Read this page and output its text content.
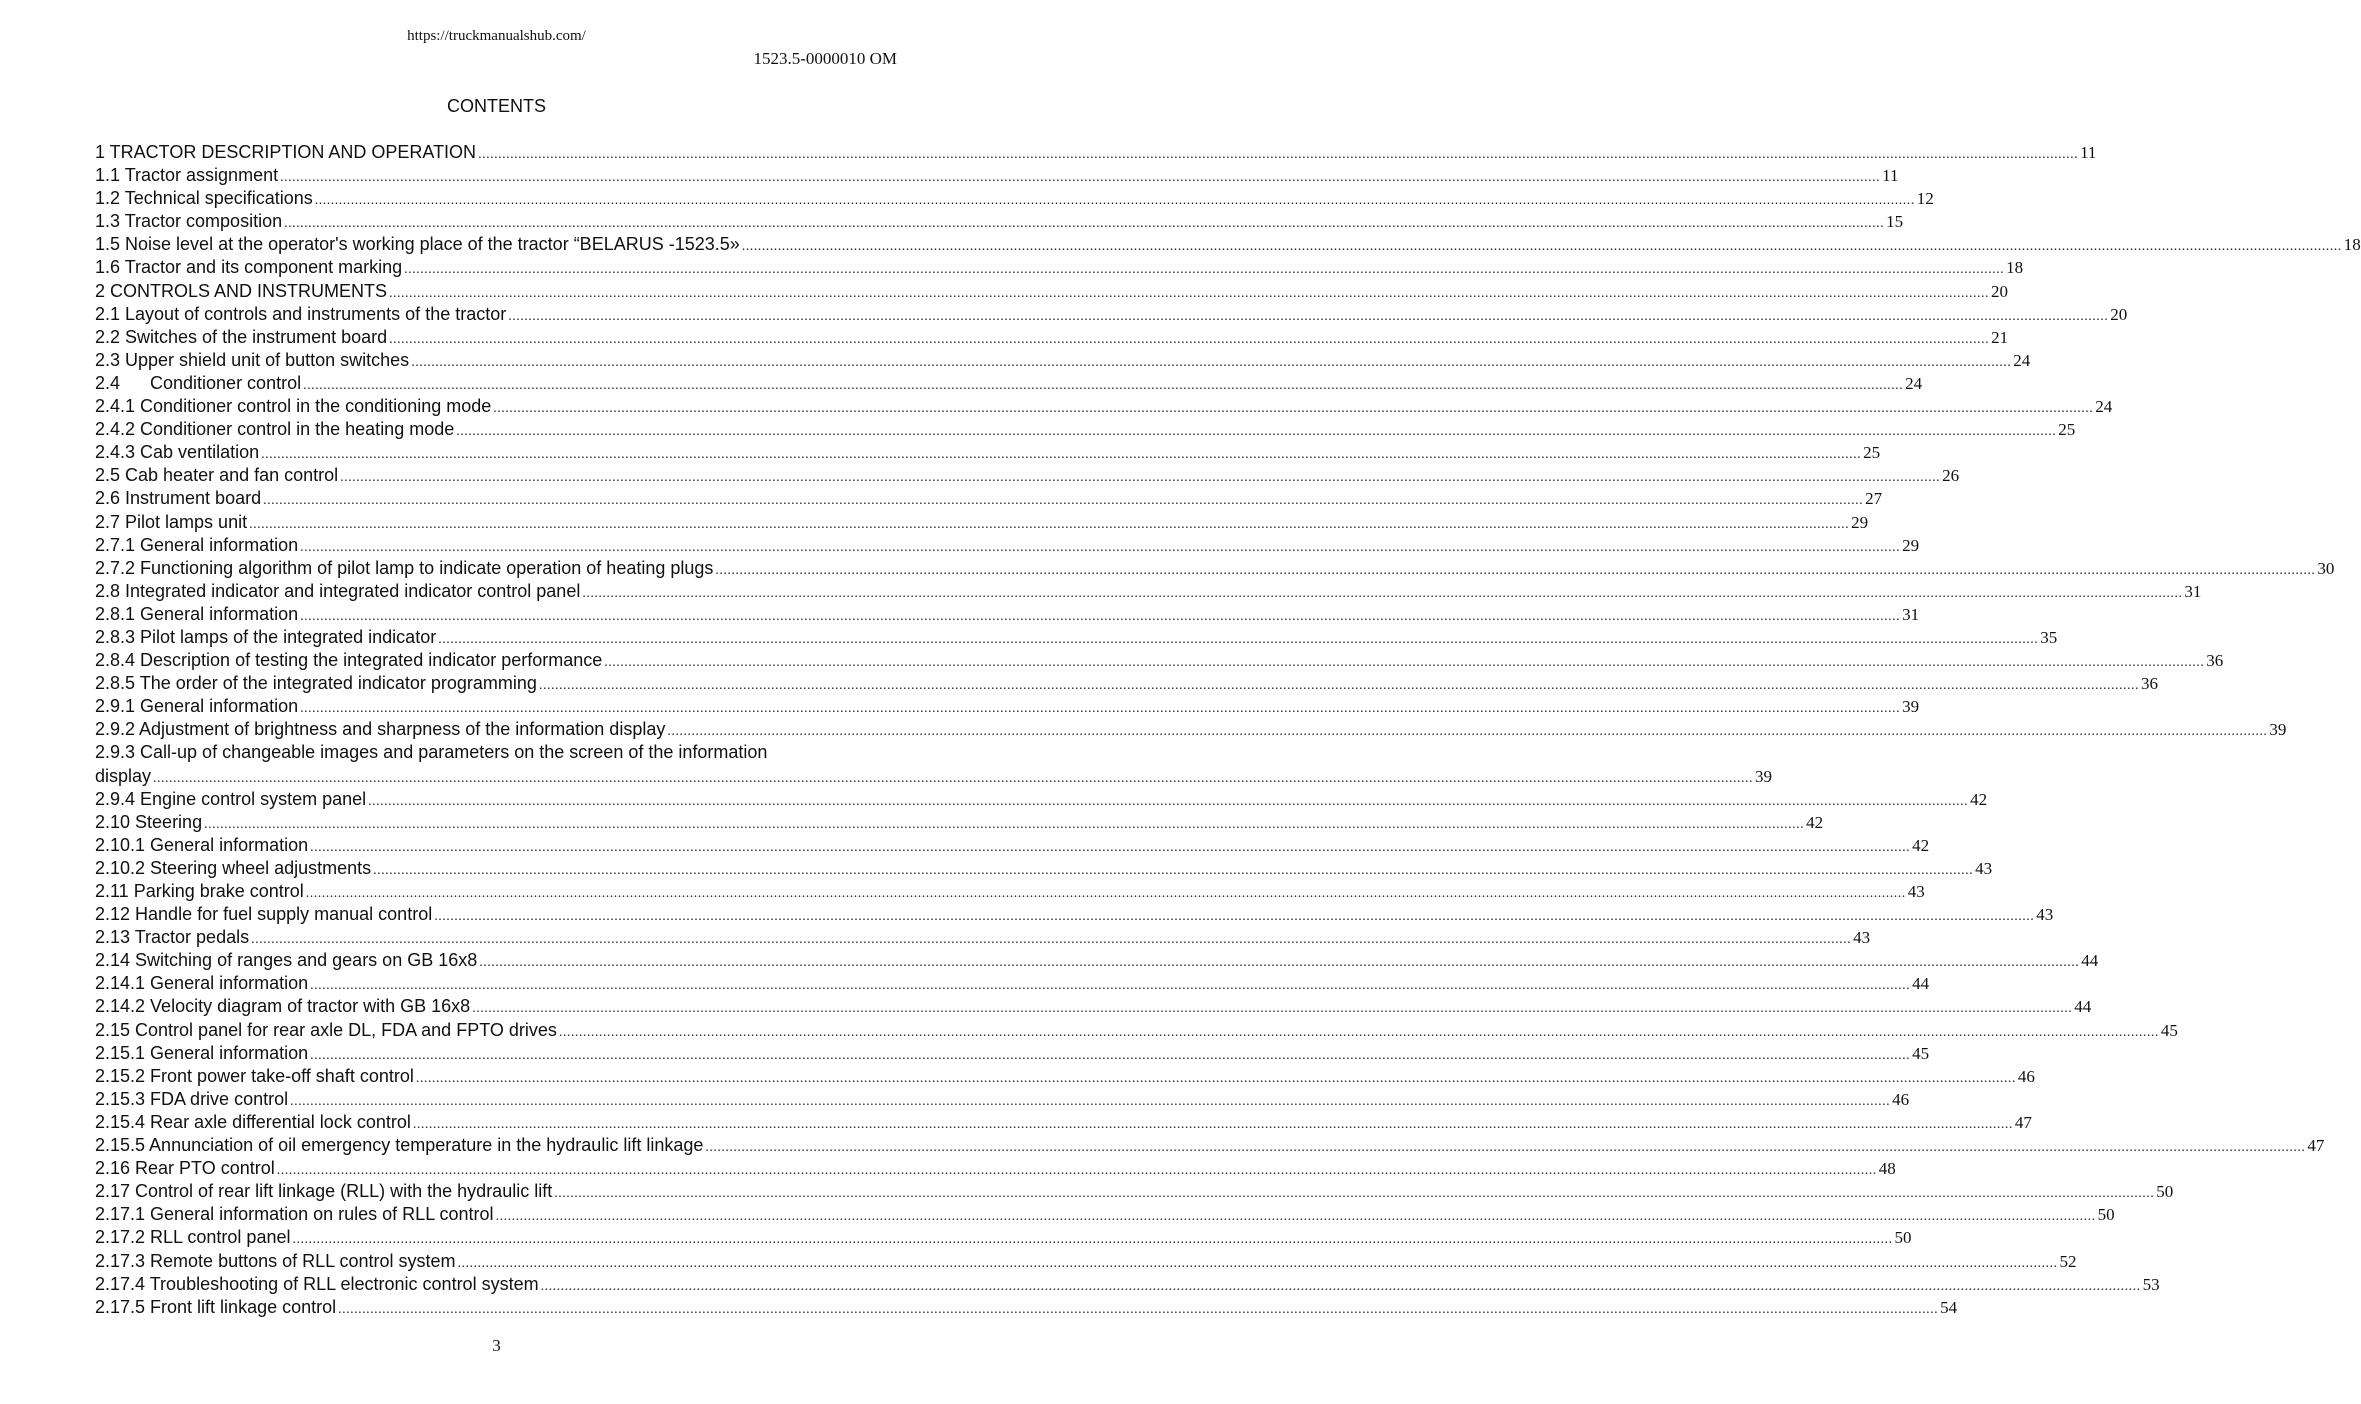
https://truckmanualshub.com/
1523.5-0000010 OM
CONTENTS
1 TRACTOR DESCRIPTION AND OPERATION ................................................................................................................................................................................................................................................................................................................................................................................................................ 11
1.1 Tractor assignment ................................................................................................................................................................................................................................................................................................................................................................................................................ 11
1.2 Technical specifications ................................................................................................................................................................................................................................................................................................................................................................................................................ 12
1.3 Tractor composition ................................................................................................................................................................................................................................................................................................................................................................................................................ 15
1.5 Noise level at the operator's working place of the tractor “BELARUS -1523.5» ................................................................................................................................................................................................................................................................................................................................................................................................................ 18
1.6 Tractor and its component marking ................................................................................................................................................................................................................................................................................................................................................................................................................ 18
2 CONTROLS AND INSTRUMENTS ................................................................................................................................................................................................................................................................................................................................................................................................................ 20
2.1 Layout of controls and instruments of the tractor ................................................................................................................................................................................................................................................................................................................................................................................................................ 20
2.2 Switches of the instrument board ................................................................................................................................................................................................................................................................................................................................................................................................................ 21
2.3 Upper shield unit of button switches ................................................................................................................................................................................................................................................................................................................................................................................................................ 24
2.4 Conditioner control ................................................................................................................................................................................................................................................................................................................................................................................................................ 24
2.4.1 Conditioner control in the conditioning mode ................................................................................................................................................................................................................................................................................................................................................................................................................ 24
2.4.2 Conditioner control in the heating mode ................................................................................................................................................................................................................................................................................................................................................................................................................ 25
2.4.3 Cab ventilation ................................................................................................................................................................................................................................................................................................................................................................................................................ 25
2.5 Cab heater and fan control ................................................................................................................................................................................................................................................................................................................................................................................................................ 26
2.6 Instrument board ................................................................................................................................................................................................................................................................................................................................................................................................................ 27
2.7 Pilot lamps unit ................................................................................................................................................................................................................................................................................................................................................................................................................ 29
2.7.1 General information ................................................................................................................................................................................................................................................................................................................................................................................................................ 29
2.7.2 Functioning algorithm of pilot lamp to indicate operation of heating plugs ................................................................................................................................................................................................................................................................................................................................................................................................................ 30
2.8 Integrated indicator and integrated indicator control panel ................................................................................................................................................................................................................................................................................................................................................................................................................ 31
2.8.1 General information ................................................................................................................................................................................................................................................................................................................................................................................................................ 31
2.8.3 Pilot lamps of the integrated indicator ................................................................................................................................................................................................................................................................................................................................................................................................................ 35
2.8.4 Description of testing the integrated indicator performance ................................................................................................................................................................................................................................................................................................................................................................................................................ 36
2.8.5 The order of the integrated indicator programming ................................................................................................................................................................................................................................................................................................................................................................................................................ 36
2.9.1 General information ................................................................................................................................................................................................................................................................................................................................................................................................................ 39
2.9.2 Adjustment of brightness and sharpness of the information display ................................................................................................................................................................................................................................................................................................................................................................................................................ 39
2.9.3 Call-up of changeable images and parameters on the screen of the information
display ................................................................................................................................................................................................................................................................................................................................................................................................................ 39
2.9.4 Engine control system panel ................................................................................................................................................................................................................................................................................................................................................................................................................ 42
2.10 Steering ................................................................................................................................................................................................................................................................................................................................................................................................................ 42
2.10.1 General information ................................................................................................................................................................................................................................................................................................................................................................................................................ 42
2.10.2 Steering wheel adjustments ................................................................................................................................................................................................................................................................................................................................................................................................................ 43
2.11 Parking brake control ................................................................................................................................................................................................................................................................................................................................................................................................................ 43
2.12 Handle for fuel supply manual control ................................................................................................................................................................................................................................................................................................................................................................................................................ 43
2.13 Tractor pedals ................................................................................................................................................................................................................................................................................................................................................................................................................ 43
2.14 Switching of ranges and gears on GB 16x8 ................................................................................................................................................................................................................................................................................................................................................................................................................ 44
2.14.1 General information ................................................................................................................................................................................................................................................................................................................................................................................................................ 44
2.14.2 Velocity diagram of tractor with GB 16x8 ................................................................................................................................................................................................................................................................................................................................................................................................................ 44
2.15 Control panel for rear axle DL, FDA and FPTO drives ................................................................................................................................................................................................................................................................................................................................................................................................................ 45
2.15.1 General information ................................................................................................................................................................................................................................................................................................................................................................................................................ 45
2.15.2 Front power take-off shaft control ................................................................................................................................................................................................................................................................................................................................................................................................................ 46
2.15.3 FDA drive control ................................................................................................................................................................................................................................................................................................................................................................................................................ 46
2.15.4 Rear axle differential lock control ................................................................................................................................................................................................................................................................................................................................................................................................................ 47
2.15.5 Annunciation of oil emergency temperature in the hydraulic lift linkage ................................................................................................................................................................................................................................................................................................................................................................................................................ 47
2.16 Rear PTO control ................................................................................................................................................................................................................................................................................................................................................................................................................ 48
2.17 Control of rear lift linkage (RLL) with the hydraulic lift ................................................................................................................................................................................................................................................................................................................................................................................................................ 50
2.17.1 General information on rules of RLL control ................................................................................................................................................................................................................................................................................................................................................................................................................ 50
2.17.2 RLL control panel ................................................................................................................................................................................................................................................................................................................................................................................................................ 50
2.17.3 Remote buttons of RLL control system ................................................................................................................................................................................................................................................................................................................................................................................................................ 52
2.17.4 Troubleshooting of RLL electronic control system ................................................................................................................................................................................................................................................................................................................................................................................................................ 53
2.17.5 Front lift linkage control ................................................................................................................................................................................................................................................................................................................................................................................................................ 54
3
